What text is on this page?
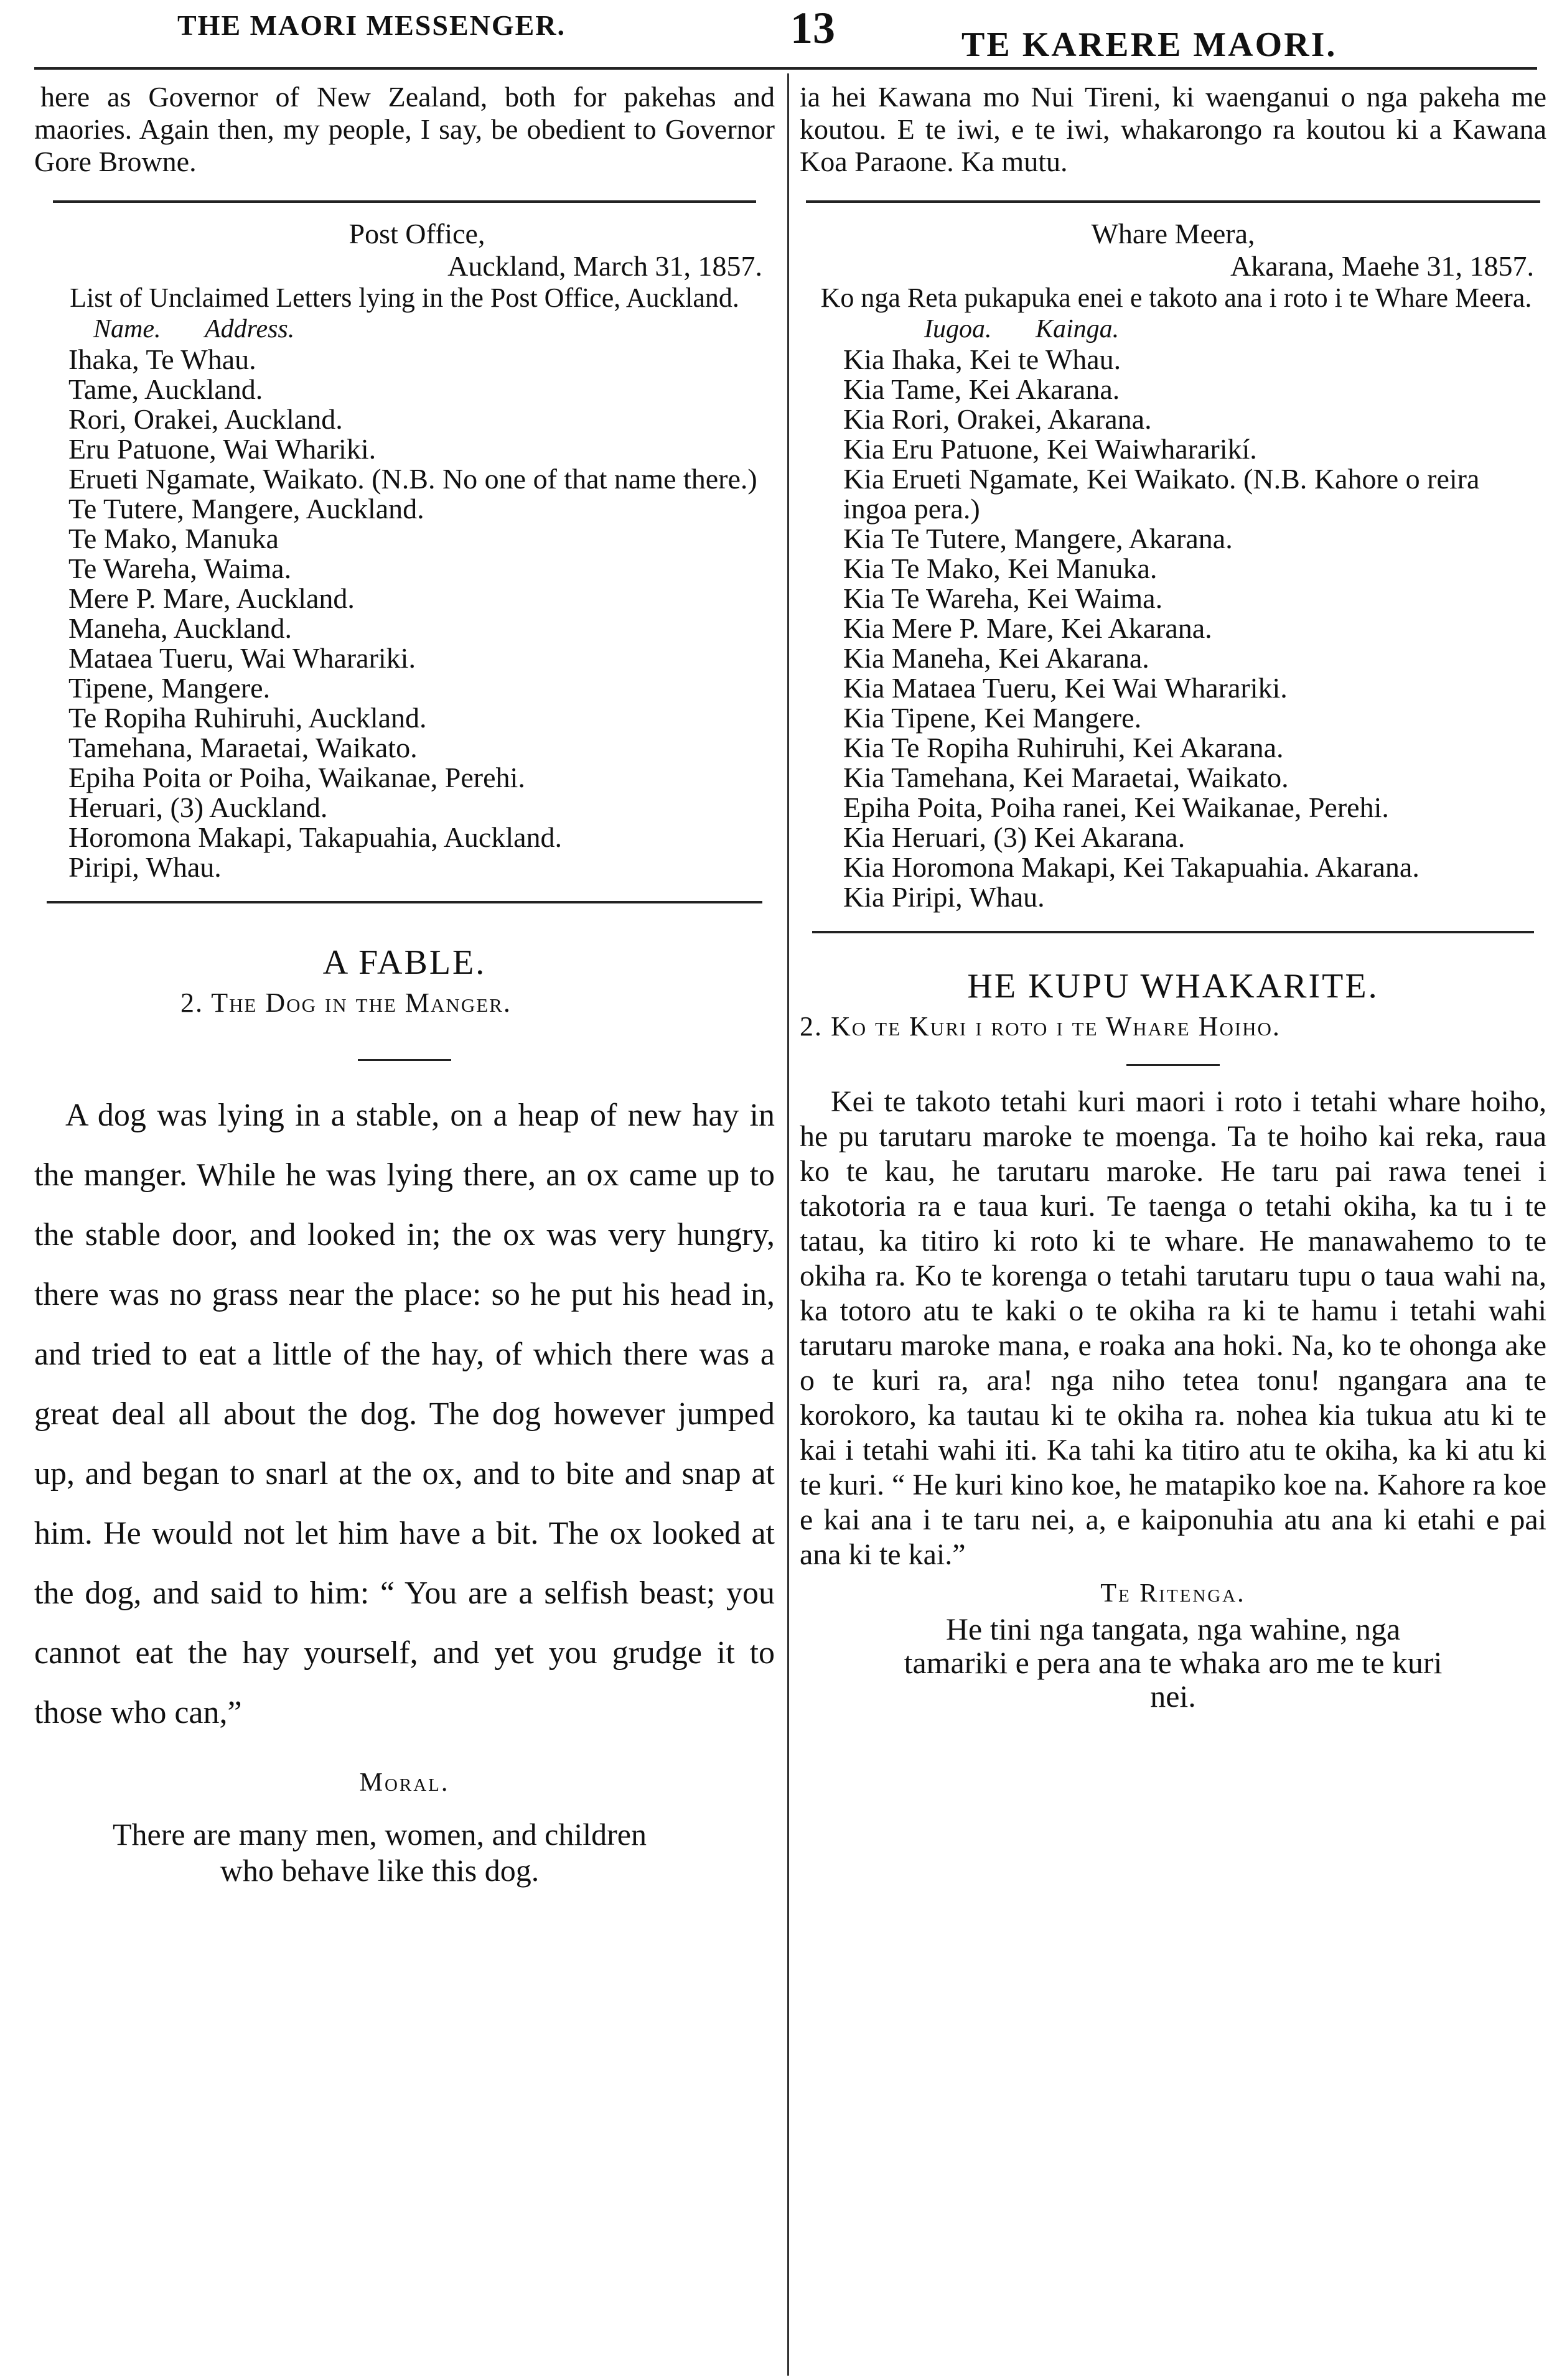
THE MAORI MESSENGER.	13	TE KARERE MAORI.

here as Governor of New Zealand, both for pakehas and maories. Again then, my people, I say, be obedient to Governor Gore Browne.

Post Office,
Auckland, March 31, 1857.
List of Unclaimed Letters lying in the Post Office, Auckland.
Name. Address.
Ihaka, Te Whau.
Tame, Auckland.
Rori, Orakei, Auckland.
Eru Patuone, Wai Whariki.
Erueti Ngamate, Waikato. (N.B. No one of that name there.)
Te Tutere, Mangere, Auckland.
Te Mako, Manuka
Te Wareha, Waima.
Mere P. Mare, Auckland.
Maneha, Auckland.
Mataea Tueru, Wai Wharariki.
Tipene, Mangere.
Te Ropiha Ruhiruhi, Auckland.
Tamehana, Maraetai, Waikato.
Epiha Poita or Poiha, Waikanae, Perehi.
Heruari, (3) Auckland.
Horomona Makapi, Takapuahia, Auckland.
Piripi, Whau.
A FABLE.
2. The Dog in the Manger.

A dog was lying in a stable, on a heap of new hay in the manger. While he was lying there, an ox came up to the stable door, and looked in; the ox was very hungry, there was no grass near the place: so he put his head in, and tried to eat a little of the hay, of which there was a great deal all about the dog. The dog however jumped up, and began to snarl at the ox, and to bite and snap at him. He would not let him have a bit. The ox looked at the dog, and said to him: “ You are a selfish beast; you cannot eat the hay yourself, and yet you grudge it to those who can,”

Moral.
There are many men, women, and children who behave like this dog.

ia hei Kawana mo Nui Tireni, ki waenganui o nga pakeha me koutou. E te iwi, e te iwi, whakarongo ra koutou ki a Kawana Koa Paraone. Ka mutu.

Whare Meera,
Akarana, Maehe 31, 1857.
Ko nga Reta pukapuka enei e takoto ana i roto i te Whare Meera.
Iugoa. Kainga.
Kia Ihaka, Kei te Whau.
Kia Tame, Kei Akarana.
Kia Rori, Orakei, Akarana.
Kia Eru Patuone, Kei Waiwhararikí.
Kia Erueti Ngamate, Kei Waikato. (N.B. Kahore o reira ingoa pera.)
Kia Te Tutere, Mangere, Akarana.
Kia Te Mako, Kei Manuka.
Kia Te Wareha, Kei Waima.
Kia Mere P. Mare, Kei Akarana.
Kia Maneha, Kei Akarana.
Kia Mataea Tueru, Kei Wai Wharariki.
Kia Tipene, Kei Mangere.
Kia Te Ropiha Ruhiruhi, Kei Akarana.
Kia Tamehana, Kei Maraetai, Waikato.
Epiha Poita, Poiha ranei, Kei Waikanae, Perehi.
Kia Heruari, (3) Kei Akarana.
Kia Horomona Makapi, Kei Takapuahia. Akarana.
Kia Piripi, Whau.
HE KUPU WHAKARITE.
2. Ko te Kuri i roto i te Whare Hoiho.

Kei te takoto tetahi kuri maori i roto i tetahi whare hoiho, he pu tarutaru maroke te moenga. Ta te hoiho kai reka, raua ko te kau, he tarutaru maroke. He taru pai rawa tenei i takotoria ra e taua kuri. Te taenga o tetahi okiha, ka tu i te tatau, ka titiro ki roto ki te whare. He manawahemo to te okiha ra. Ko te korenga o tetahi tarutaru tupu o taua wahi na, ka totoro atu te kaki o te okiha ra ki te hamu i tetahi wahi tarutaru maroke mana, e roaka ana hoki. Na, ko te ohonga ake o te kuri ra, ara! nga niho tetea tonu! ngangara ana te korokoro, ka tautau ki te okiha ra. nohea kia tukua atu ki te kai i tetahi wahi iti. Ka tahi ka titiro atu te okiha, ka ki atu ki te kuri. “ He kuri kino koe, he matapiko koe na. Kahore ra koe e kai ana i te taru nei, a, e kaiponuhia atu ana ki etahi e pai ana ki te kai.”

Te Ritenga.
He tini nga tangata, nga wahine, nga tamariki e pera ana te whaka aro me te kuri nei.
